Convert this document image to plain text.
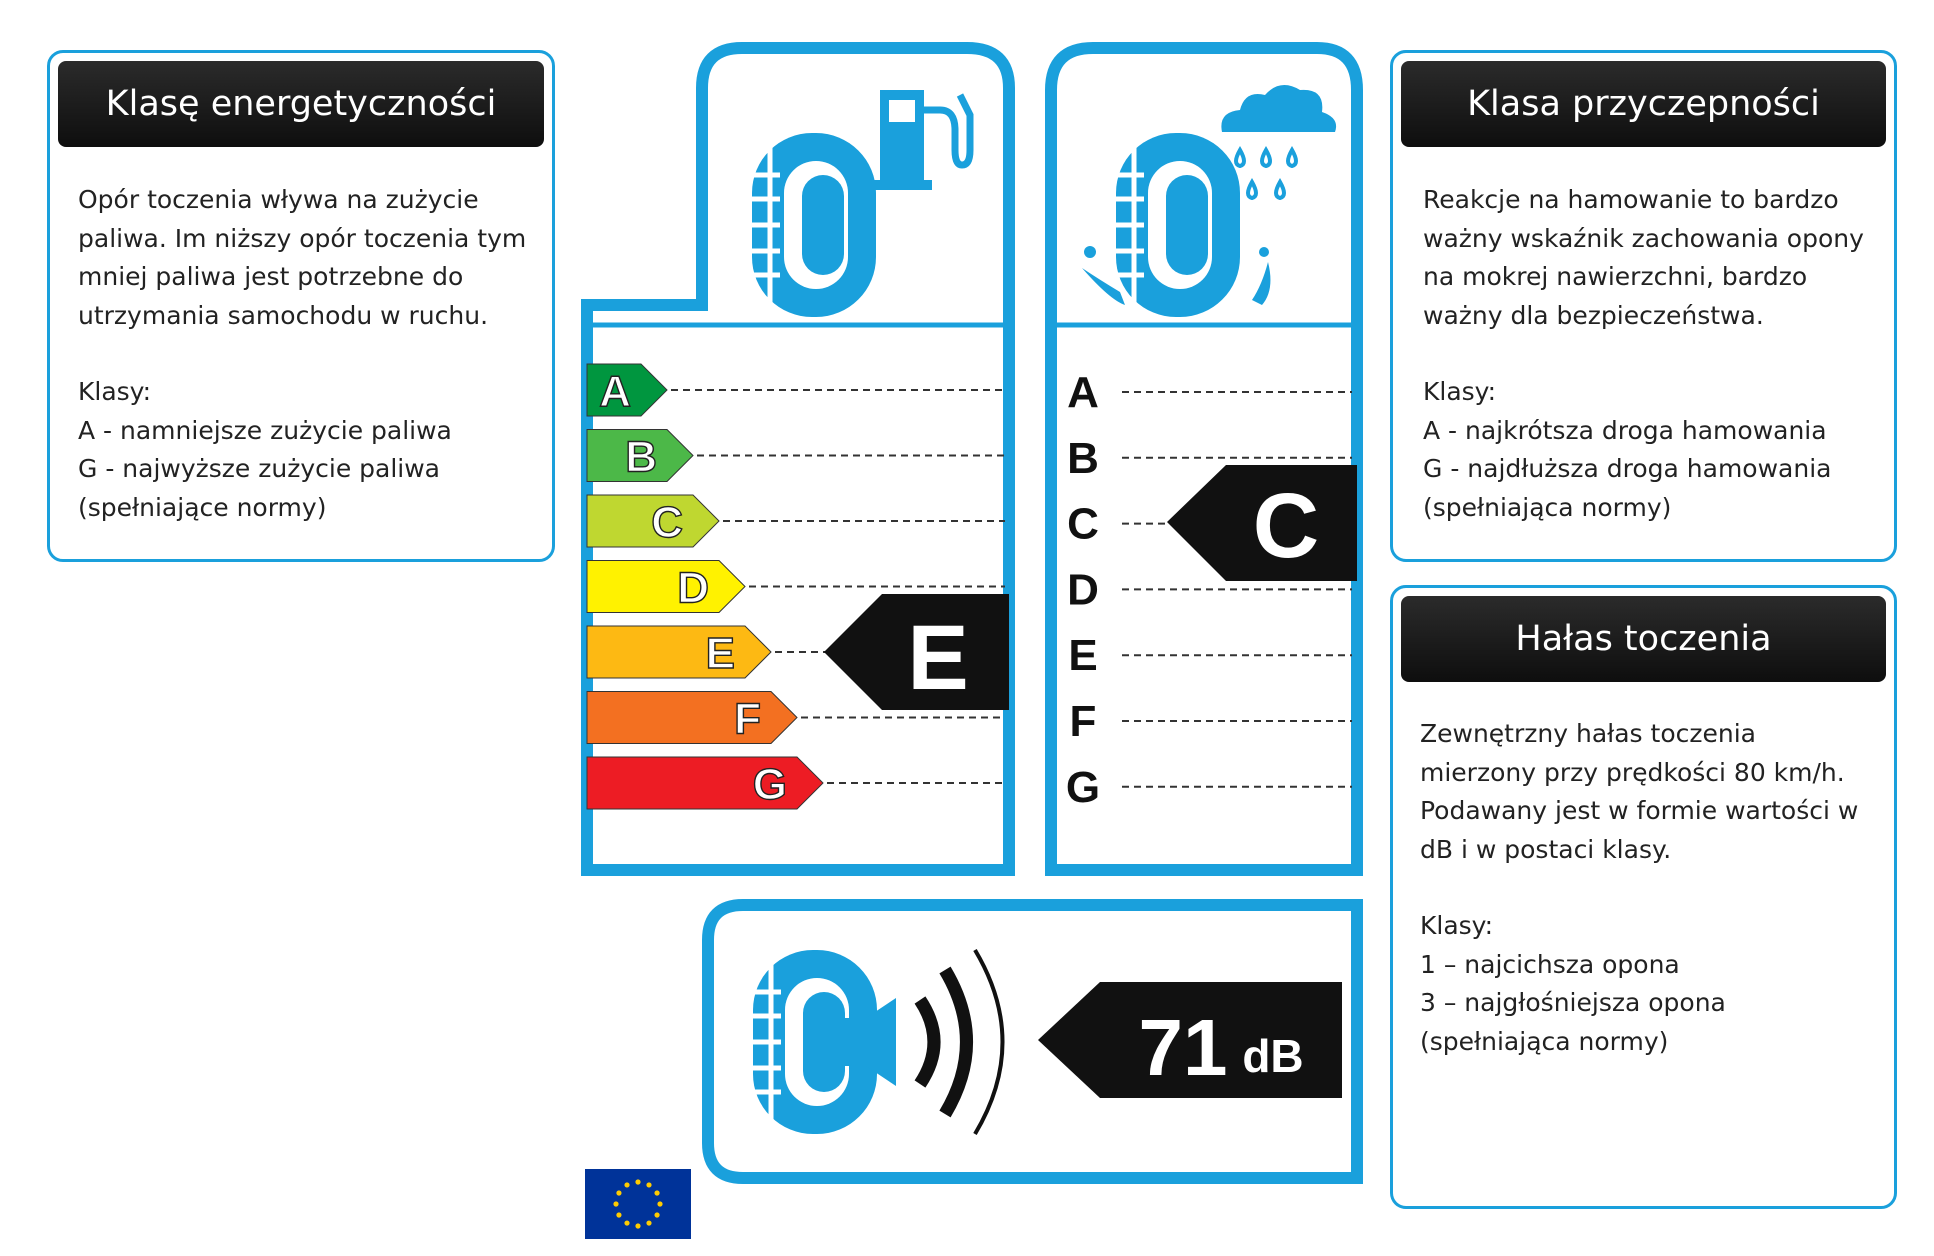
Klasę energetyczności

Opór toczenia wływa na zużycie

paliwa. Im niższy opór toczenia tym

mniej paliwa jest potrzebne do

utrzymania samochodu w ruchu.

Klasy:

A - namniejsze zużycie paliwa

G - najwyższe zużycie paliwa

(spełniające normy)

Klasa przyczepności

Reakcje na hamowanie to bardzo

ważny wskaźnik zachowania opony

na mokrej nawierzchni, bardzo

ważny dla bezpieczeństwa.

Klasy:

A - najkrótsza droga hamowania

G - najdłuższa droga hamowania

(spełniająca normy)

Hałas toczenia

Zewnętrzny hałas toczenia

mierzony przy prędkości 80 km/h.

Podawany jest w formie wartości w

dB i w postaci klasy.

Klasy:

1 – najcichsza opona

3 – najgłośniejsza opona

(spełniająca normy)

A
B
C
D
E
F
G
A
B
C
D
E
F
G
E
C
71 dB
